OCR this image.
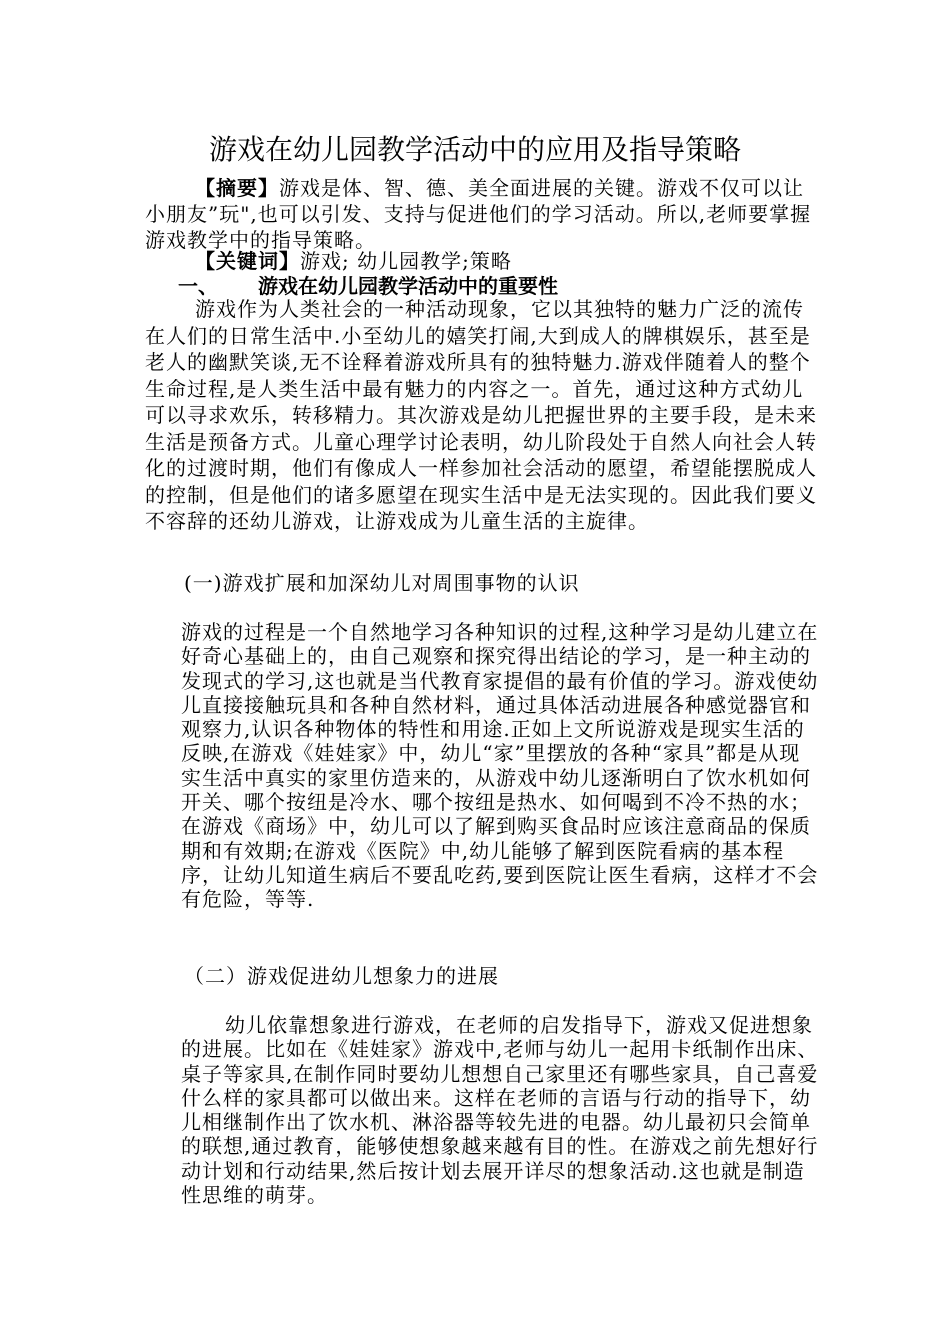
游戏在幼儿园教学活动中的应用及指导策略

【摘要】游戏是体、智、德、美全面进展的关键。游戏不仅可以让小朋友”玩",也可以引发、支持与促进他们的学习活动。所以,老师要掌握游戏教学中的指导策略。

【关键词】游戏; 幼儿园教学;策略

一、 游戏在幼儿园教学活动中的重要性

游戏作为人类社会的一种活动现象，它以其独特的魅力广泛的流传在人们的日常生活中.小至幼儿的嬉笑打闹,大到成人的牌棋娱乐，甚至是老人的幽默笑谈,无不诠释着游戏所具有的独特魅力.游戏伴随着人的整个生命过程,是人类生活中最有魅力的内容之一。首先，通过这种方式幼儿可以寻求欢乐，转移精力。其次游戏是幼儿把握世界的主要手段，是未来生活是预备方式。儿童心理学讨论表明，幼儿阶段处于自然人向社会人转化的过渡时期，他们有像成人一样参加社会活动的愿望，希望能摆脱成人的控制，但是他们的诸多愿望在现实生活中是无法实现的。因此我们要义不容辞的还幼儿游戏，让游戏成为儿童生活的主旋律。

(一)游戏扩展和加深幼儿对周围事物的认识

游戏的过程是一个自然地学习各种知识的过程,这种学习是幼儿建立在好奇心基础上的，由自己观察和探究得出结论的学习，是一种主动的发现式的学习,这也就是当代教育家提倡的最有价值的学习。游戏使幼儿直接接触玩具和各种自然材料，通过具体活动进展各种感觉器官和观察力,认识各种物体的特性和用途.正如上文所说游戏是现实生活的反映,在游戏《娃娃家》中，幼儿“家”里摆放的各种“家具”都是从现实生活中真实的家里仿造来的，从游戏中幼儿逐渐明白了饮水机如何开关、哪个按纽是冷水、哪个按纽是热水、如何喝到不冷不热的水；在游戏《商场》中，幼儿可以了解到购买食品时应该注意商品的保质期和有效期;在游戏《医院》中,幼儿能够了解到医院看病的基本程序，让幼儿知道生病后不要乱吃药,要到医院让医生看病，这样才不会有危险，等等.

（二）游戏促进幼儿想象力的进展

幼儿依靠想象进行游戏，在老师的启发指导下，游戏又促进想象的进展。比如在《娃娃家》游戏中,老师与幼儿一起用卡纸制作出床、桌子等家具,在制作同时要幼儿想想自己家里还有哪些家具，自己喜爱什么样的家具都可以做出来。这样在老师的言语与行动的指导下，幼儿相继制作出了饮水机、淋浴器等较先进的电器。幼儿最初只会简单的联想,通过教育，能够使想象越来越有目的性。在游戏之前先想好行动计划和行动结果,然后按计划去展开详尽的想象活动.这也就是制造性思维的萌芽。
